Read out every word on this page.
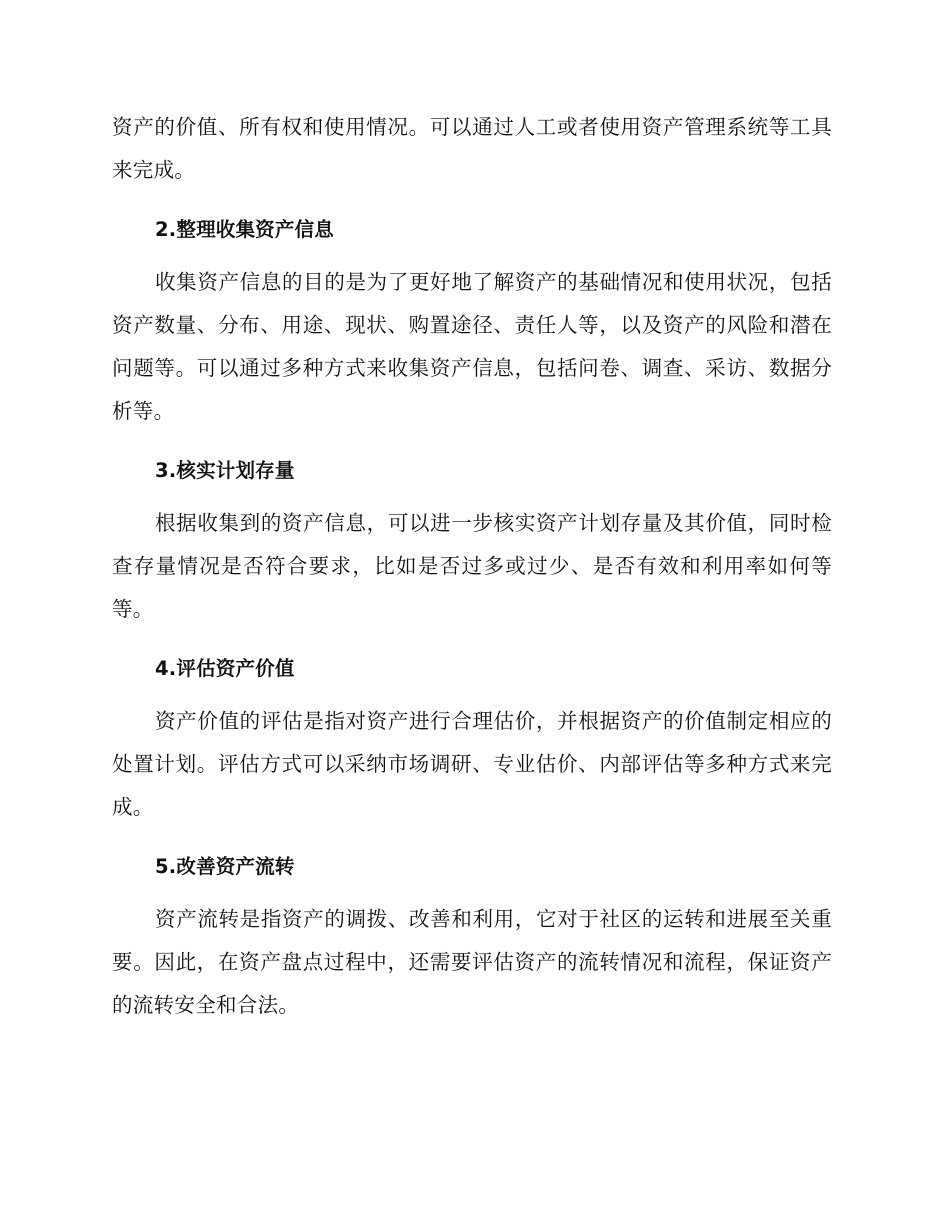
资产的价值、所有权和使用情况。可以通过人工或者使用资产管理系统等工具来完成。

2.整理收集资产信息

收集资产信息的目的是为了更好地了解资产的基础情况和使用状况，包括资产数量、分布、用途、现状、购置途径、责任人等，以及资产的风险和潜在问题等。可以通过多种方式来收集资产信息，包括问卷、调查、采访、数据分析等。

3.核实计划存量

根据收集到的资产信息，可以进一步核实资产计划存量及其价值，同时检查存量情况是否符合要求，比如是否过多或过少、是否有效和利用率如何等等。

4.评估资产价值

资产价值的评估是指对资产进行合理估价，并根据资产的价值制定相应的处置计划。评估方式可以采纳市场调研、专业估价、内部评估等多种方式来完成。

5.改善资产流转

资产流转是指资产的调拨、改善和利用，它对于社区的运转和进展至关重要。因此，在资产盘点过程中，还需要评估资产的流转情况和流程，保证资产的流转安全和合法。
